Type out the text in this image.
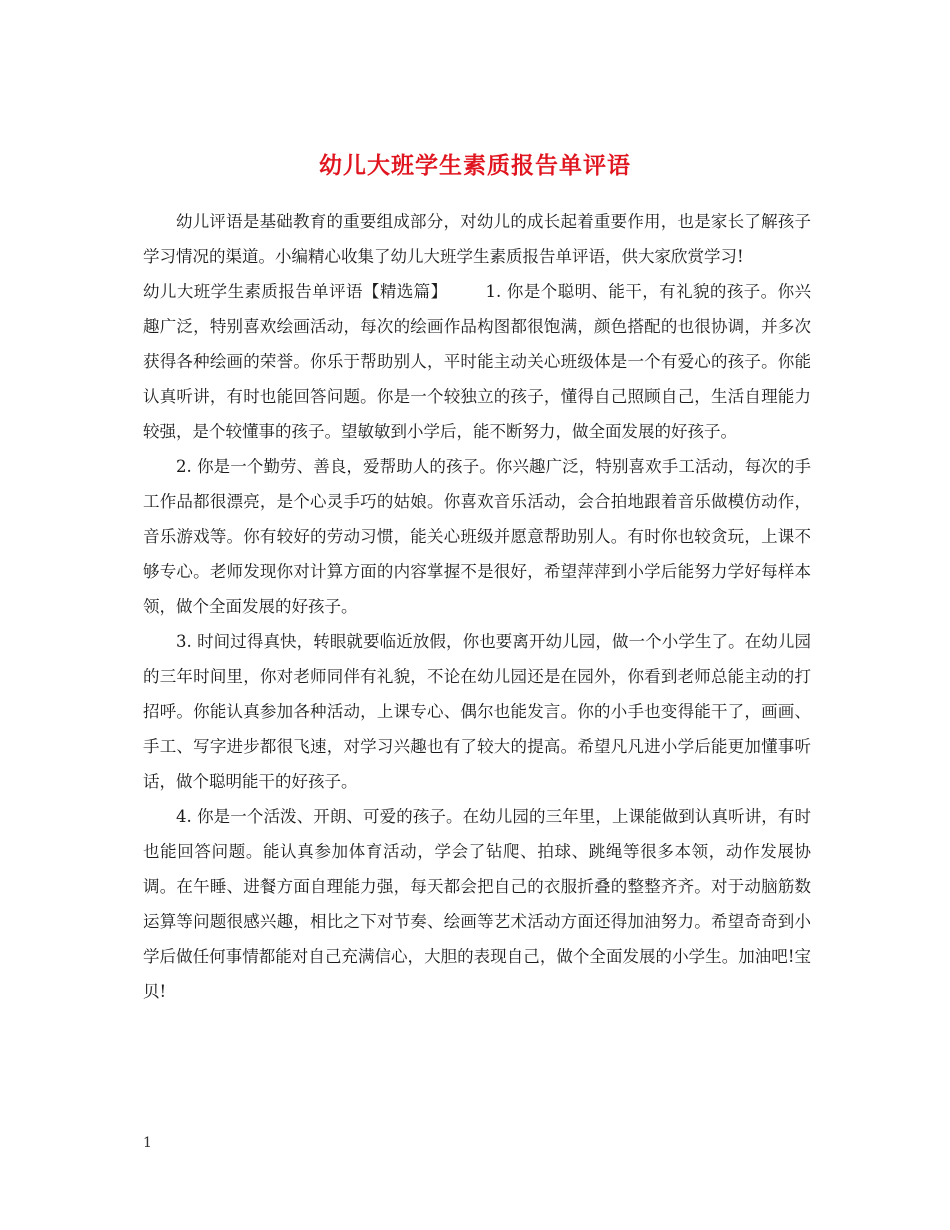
幼儿大班学生素质报告单评语

幼儿评语是基础教育的重要组成部分，对幼儿的成长起着重要作用，也是家长了解孩子学习情况的渠道。小编精心收集了幼儿大班学生素质报告单评语，供大家欣赏学习!

幼儿大班学生素质报告单评语【精选篇】 1. 你是个聪明、能干，有礼貌的孩子。你兴趣广泛，特别喜欢绘画活动，每次的绘画作品构图都很饱满，颜色搭配的也很协调，并多次获得各种绘画的荣誉。你乐于帮助别人，平时能主动关心班级体是一个有爱心的孩子。你能认真听讲，有时也能回答问题。你是一个较独立的孩子，懂得自己照顾自己，生活自理能力较强，是个较懂事的孩子。望敏敏到小学后，能不断努力，做全面发展的好孩子。

2. 你是一个勤劳、善良，爱帮助人的孩子。你兴趣广泛，特别喜欢手工活动，每次的手工作品都很漂亮，是个心灵手巧的姑娘。你喜欢音乐活动，会合拍地跟着音乐做模仿动作，音乐游戏等。你有较好的劳动习惯，能关心班级并愿意帮助别人。有时你也较贪玩，上课不够专心。老师发现你对计算方面的内容掌握不是很好，希望萍萍到小学后能努力学好每样本领，做个全面发展的好孩子。

3. 时间过得真快，转眼就要临近放假，你也要离开幼儿园，做一个小学生了。在幼儿园的三年时间里，你对老师同伴有礼貌，不论在幼儿园还是在园外，你看到老师总能主动的打招呼。你能认真参加各种活动，上课专心、偶尔也能发言。你的小手也变得能干了，画画、手工、写字进步都很飞速，对学习兴趣也有了较大的提高。希望凡凡进小学后能更加懂事听话，做个聪明能干的好孩子。

4. 你是一个活泼、开朗、可爱的孩子。在幼儿园的三年里，上课能做到认真听讲，有时也能回答问题。能认真参加体育活动，学会了钻爬、拍球、跳绳等很多本领，动作发展协调。在午睡、进餐方面自理能力强，每天都会把自己的衣服折叠的整整齐齐。对于动脑筋数运算等问题很感兴趣，相比之下对节奏、绘画等艺术活动方面还得加油努力。希望奇奇到小学后做任何事情都能对自己充满信心，大胆的表现自己，做个全面发展的小学生。加油吧!宝贝!

1
